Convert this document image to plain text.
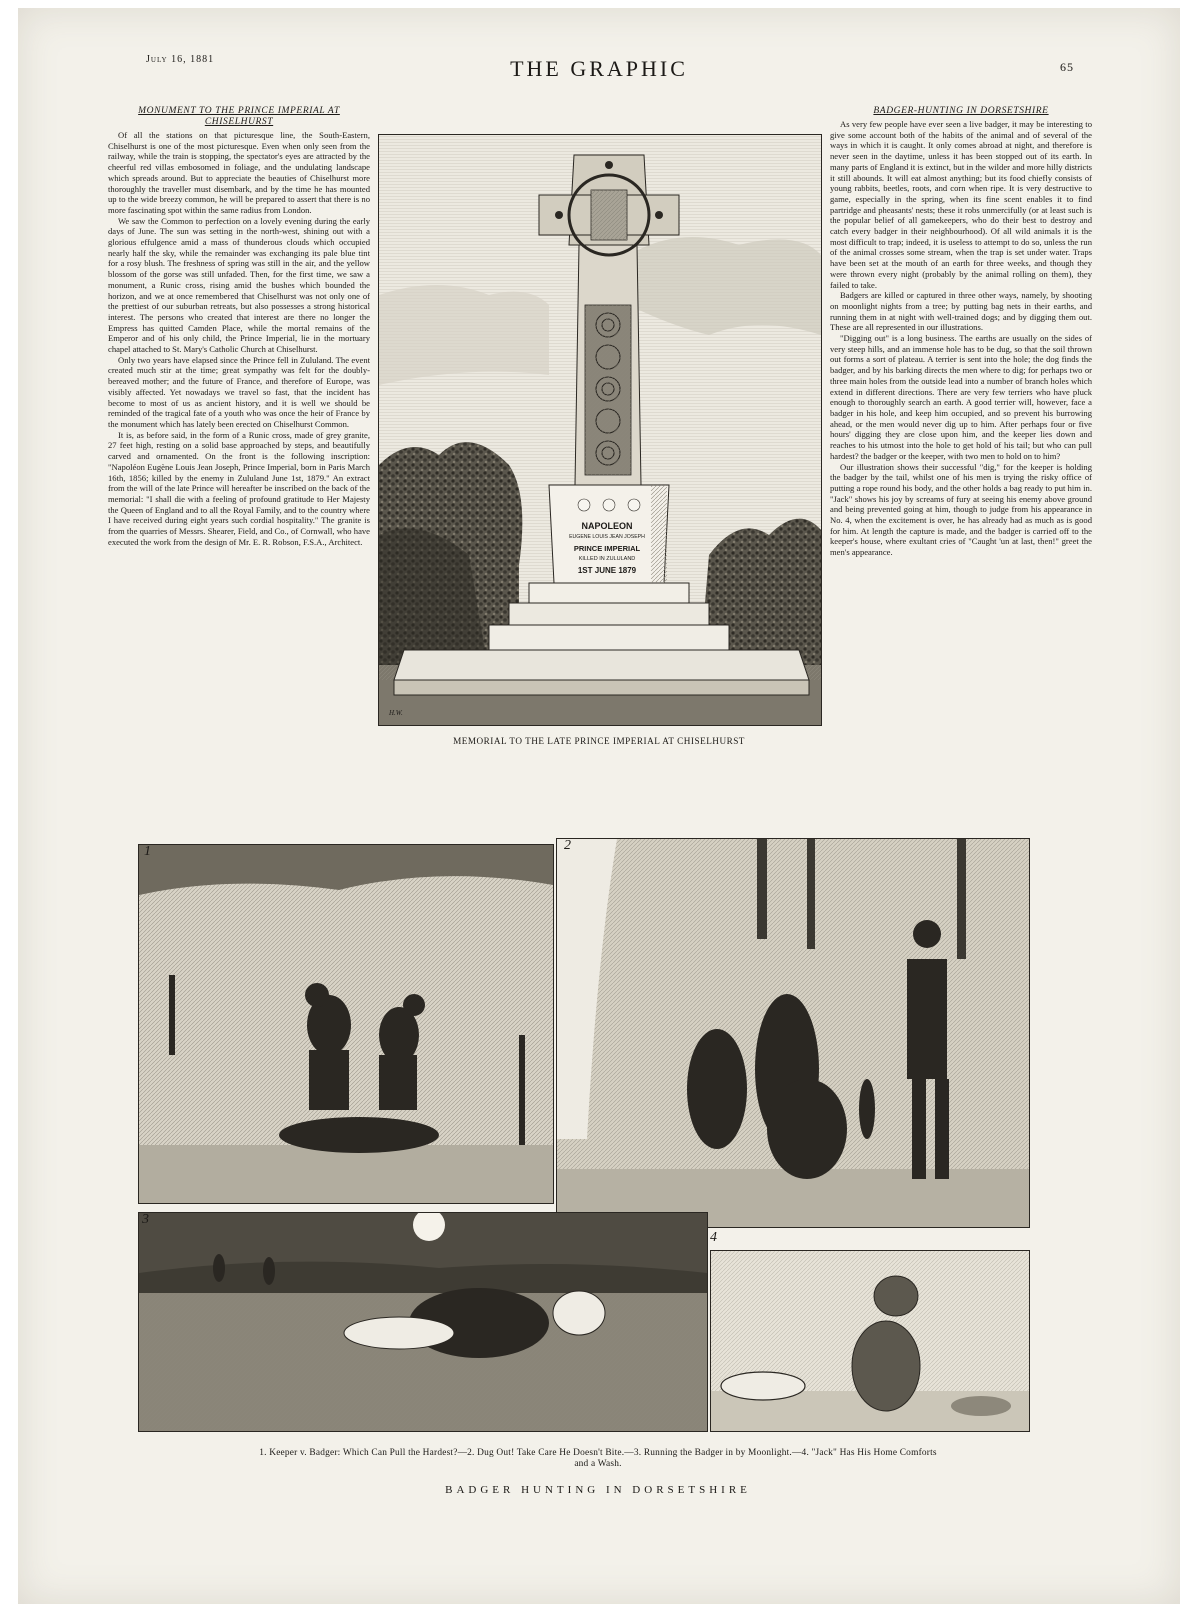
July 16, 1881	THE GRAPHIC	65
MONUMENT TO THE PRINCE IMPERIAL AT CHISELHURST

Of all the stations on that picturesque line, the South-Eastern, Chiselhurst is one of the most picturesque. Even when only seen from the railway, while the train is stopping, the spectator's eyes are attracted by the cheerful red villas embosomed in foliage, and the undulating landscape which spreads around. But to appreciate the beauties of Chiselhurst more thoroughly the traveller must disembark, and by the time he has mounted up to the wide breezy common, he will be prepared to assert that there is no more fascinating spot within the same radius from London.

We saw the Common to perfection on a lovely evening during the early days of June. The sun was setting in the north-west, shining out with a glorious effulgence amid a mass of thunderous clouds which occupied nearly half the sky, while the remainder was exchanging its pale blue tint for a rosy blush. The freshness of spring was still in the air, and the yellow blossom of the gorse was still unfaded. Then, for the first time, we saw a monument, a Runic cross, rising amid the bushes which bounded the horizon, and we at once remembered that Chiselhurst was not only one of the prettiest of our suburban retreats, but also possesses a strong historical interest. The persons who created that interest are there no longer the Empress has quitted Camden Place, while the mortal remains of the Emperor and of his only child, the Prince Imperial, lie in the mortuary chapel attached to St. Mary's Catholic Church at Chiselhurst.

Only two years have elapsed since the Prince fell in Zululand. The event created much stir at the time; great sympathy was felt for the doubly-bereaved mother; and the future of France, and therefore of Europe, was visibly affected. Yet nowadays we travel so fast, that the incident has become to most of us as ancient history, and it is well we should be reminded of the tragical fate of a youth who was once the heir of France by the monument which has lately been erected on Chiselhurst Common.

It is, as before said, in the form of a Runic cross, made of grey granite, 27 feet high, resting on a solid base approached by steps, and beautifully carved and ornamented. On the front is the following inscription: "Napoléon Eugène Louis Jean Joseph, Prince Imperial, born in Paris March 16th, 1856; killed by the enemy in Zululand June 1st, 1879." An extract from the will of the late Prince will hereafter be inscribed on the back of the memorial: "I shall die with a feeling of profound gratitude to Her Majesty the Queen of England and to all the Royal Family, and to the country where I have received during eight years such cordial hospitality." The granite is from the quarries of Messrs. Shearer, Field, and Co., of Cornwall, who have executed the work from the design of Mr. E. R. Robson, F.S.A., Architect.

NAPOLEON
EUGENE LOUIS JEAN JOSEPH
PRINCE IMPERIAL
KILLED IN ZULULAND
1ST JUNE 1879
H.W.
MEMORIAL TO THE LATE PRINCE IMPERIAL AT CHISELHURST
BADGER-HUNTING IN DORSETSHIRE

As very few people have ever seen a live badger, it may be interesting to give some account both of the habits of the animal and of several of the ways in which it is caught. It only comes abroad at night, and therefore is never seen in the daytime, unless it has been stopped out of its earth. In many parts of England it is extinct, but in the wilder and more hilly districts it still abounds. It will eat almost anything; but its food chiefly consists of young rabbits, beetles, roots, and corn when ripe. It is very destructive to game, especially in the spring, when its fine scent enables it to find partridge and pheasants' nests; these it robs unmercifully (or at least such is the popular belief of all gamekeepers, who do their best to destroy and catch every badger in their neighbourhood). Of all wild animals it is the most difficult to trap; indeed, it is useless to attempt to do so, unless the run of the animal crosses some stream, when the trap is set under water. Traps have been set at the mouth of an earth for three weeks, and though they were thrown every night (probably by the animal rolling on them), they failed to take.

Badgers are killed or captured in three other ways, namely, by shooting on moonlight nights from a tree; by putting bag nets in their earths, and running them in at night with well-trained dogs; and by digging them out. These are all represented in our illustrations.

"Digging out" is a long business. The earths are usually on the sides of very steep hills, and an immense hole has to be dug, so that the soil thrown out forms a sort of plateau. A terrier is sent into the hole; the dog finds the badger, and by his barking directs the men where to dig; for perhaps two or three main holes from the outside lead into a number of branch holes which extend in different directions. There are very few terriers who have pluck enough to thoroughly search an earth. A good terrier will, however, face a badger in his hole, and keep him occupied, and so prevent his burrowing ahead, or the men would never dig up to him. After perhaps four or five hours' digging they are close upon him, and the keeper lies down and reaches to his utmost into the hole to get hold of his tail; but who can pull hardest? the badger or the keeper, with two men to hold on to him?

Our illustration shows their successful "dig," for the keeper is holding the badger by the tail, whilst one of his men is trying the risky office of putting a rope round his body, and the other holds a bag ready to put him in. "Jack" shows his joy by screams of fury at seeing his enemy above ground and being prevented going at him, though to judge from his appearance in No. 4, when the excitement is over, he has already had as much as is good for him. At length the capture is made, and the badger is carried off to the keeper's house, where exultant cries of "Caught 'un at last, then!" greet the men's appearance.

1	2
3
4
1. Keeper v. Badger: Which Can Pull the Hardest?—2. Dug Out! Take Care He Doesn't Bite.—3. Running the Badger in by Moonlight.—4. "Jack" Has His Home Comforts
and a Wash.
BADGER HUNTING IN DORSETSHIRE
